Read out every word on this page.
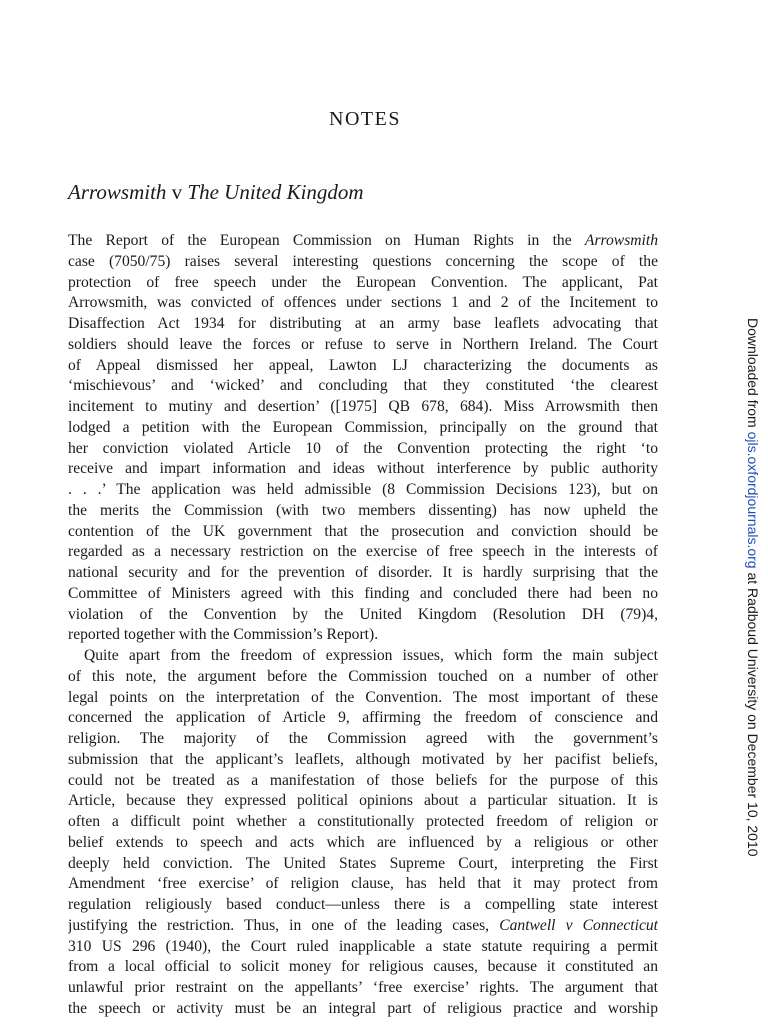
NOTES
Arrowsmith v The United Kingdom
The Report of the European Commission on Human Rights in the Arrowsmith
case (7050/75) raises several interesting questions concerning the scope of the
protection of free speech under the European Convention. The applicant, Pat
Arrowsmith, was convicted of offences under sections 1 and 2 of the Incitement to
Disaffection Act 1934 for distributing at an army base leaflets advocating that
soldiers should leave the forces or refuse to serve in Northern Ireland. The Court
of Appeal dismissed her appeal, Lawton LJ characterizing the documents as
‘mischievous’ and ‘wicked’ and concluding that they constituted ‘the clearest
incitement to mutiny and desertion’ ([1975] QB 678, 684). Miss Arrowsmith then
lodged a petition with the European Commission, principally on the ground that
her conviction violated Article 10 of the Convention protecting the right ‘to
receive and impart information and ideas without interference by public authority
. . .’ The application was held admissible (8 Commission Decisions 123), but on
the merits the Commission (with two members dissenting) has now upheld the
contention of the UK government that the prosecution and conviction should be
regarded as a necessary restriction on the exercise of free speech in the interests of
national security and for the prevention of disorder. It is hardly surprising that the
Committee of Ministers agreed with this finding and concluded there had been no
violation of the Convention by the United Kingdom (Resolution DH (79)4,
reported together with the Commission’s Report).
Quite apart from the freedom of expression issues, which form the main subject
of this note, the argument before the Commission touched on a number of other
legal points on the interpretation of the Convention. The most important of these
concerned the application of Article 9, affirming the freedom of conscience and
religion. The majority of the Commission agreed with the government’s
submission that the applicant’s leaflets, although motivated by her pacifist beliefs,
could not be treated as a manifestation of those beliefs for the purpose of this
Article, because they expressed political opinions about a particular situation. It is
often a difficult point whether a constitutionally protected freedom of religion or
belief extends to speech and acts which are influenced by a religious or other
deeply held conviction. The United States Supreme Court, interpreting the First
Amendment ‘free exercise’ of religion clause, has held that it may protect from
regulation religiously based conduct—unless there is a compelling state interest
justifying the restriction. Thus, in one of the leading cases, Cantwell v Connecticut
310 US 296 (1940), the Court ruled inapplicable a state statute requiring a permit
from a local official to solicit money for religious causes, because it constituted an
unlawful prior restraint on the appellants’ ‘free exercise’ rights. The argument that
the speech or activity must be an integral part of religious practice and worship
Downloaded from ojls.oxfordjournals.org at Radboud University on December 10, 2010
